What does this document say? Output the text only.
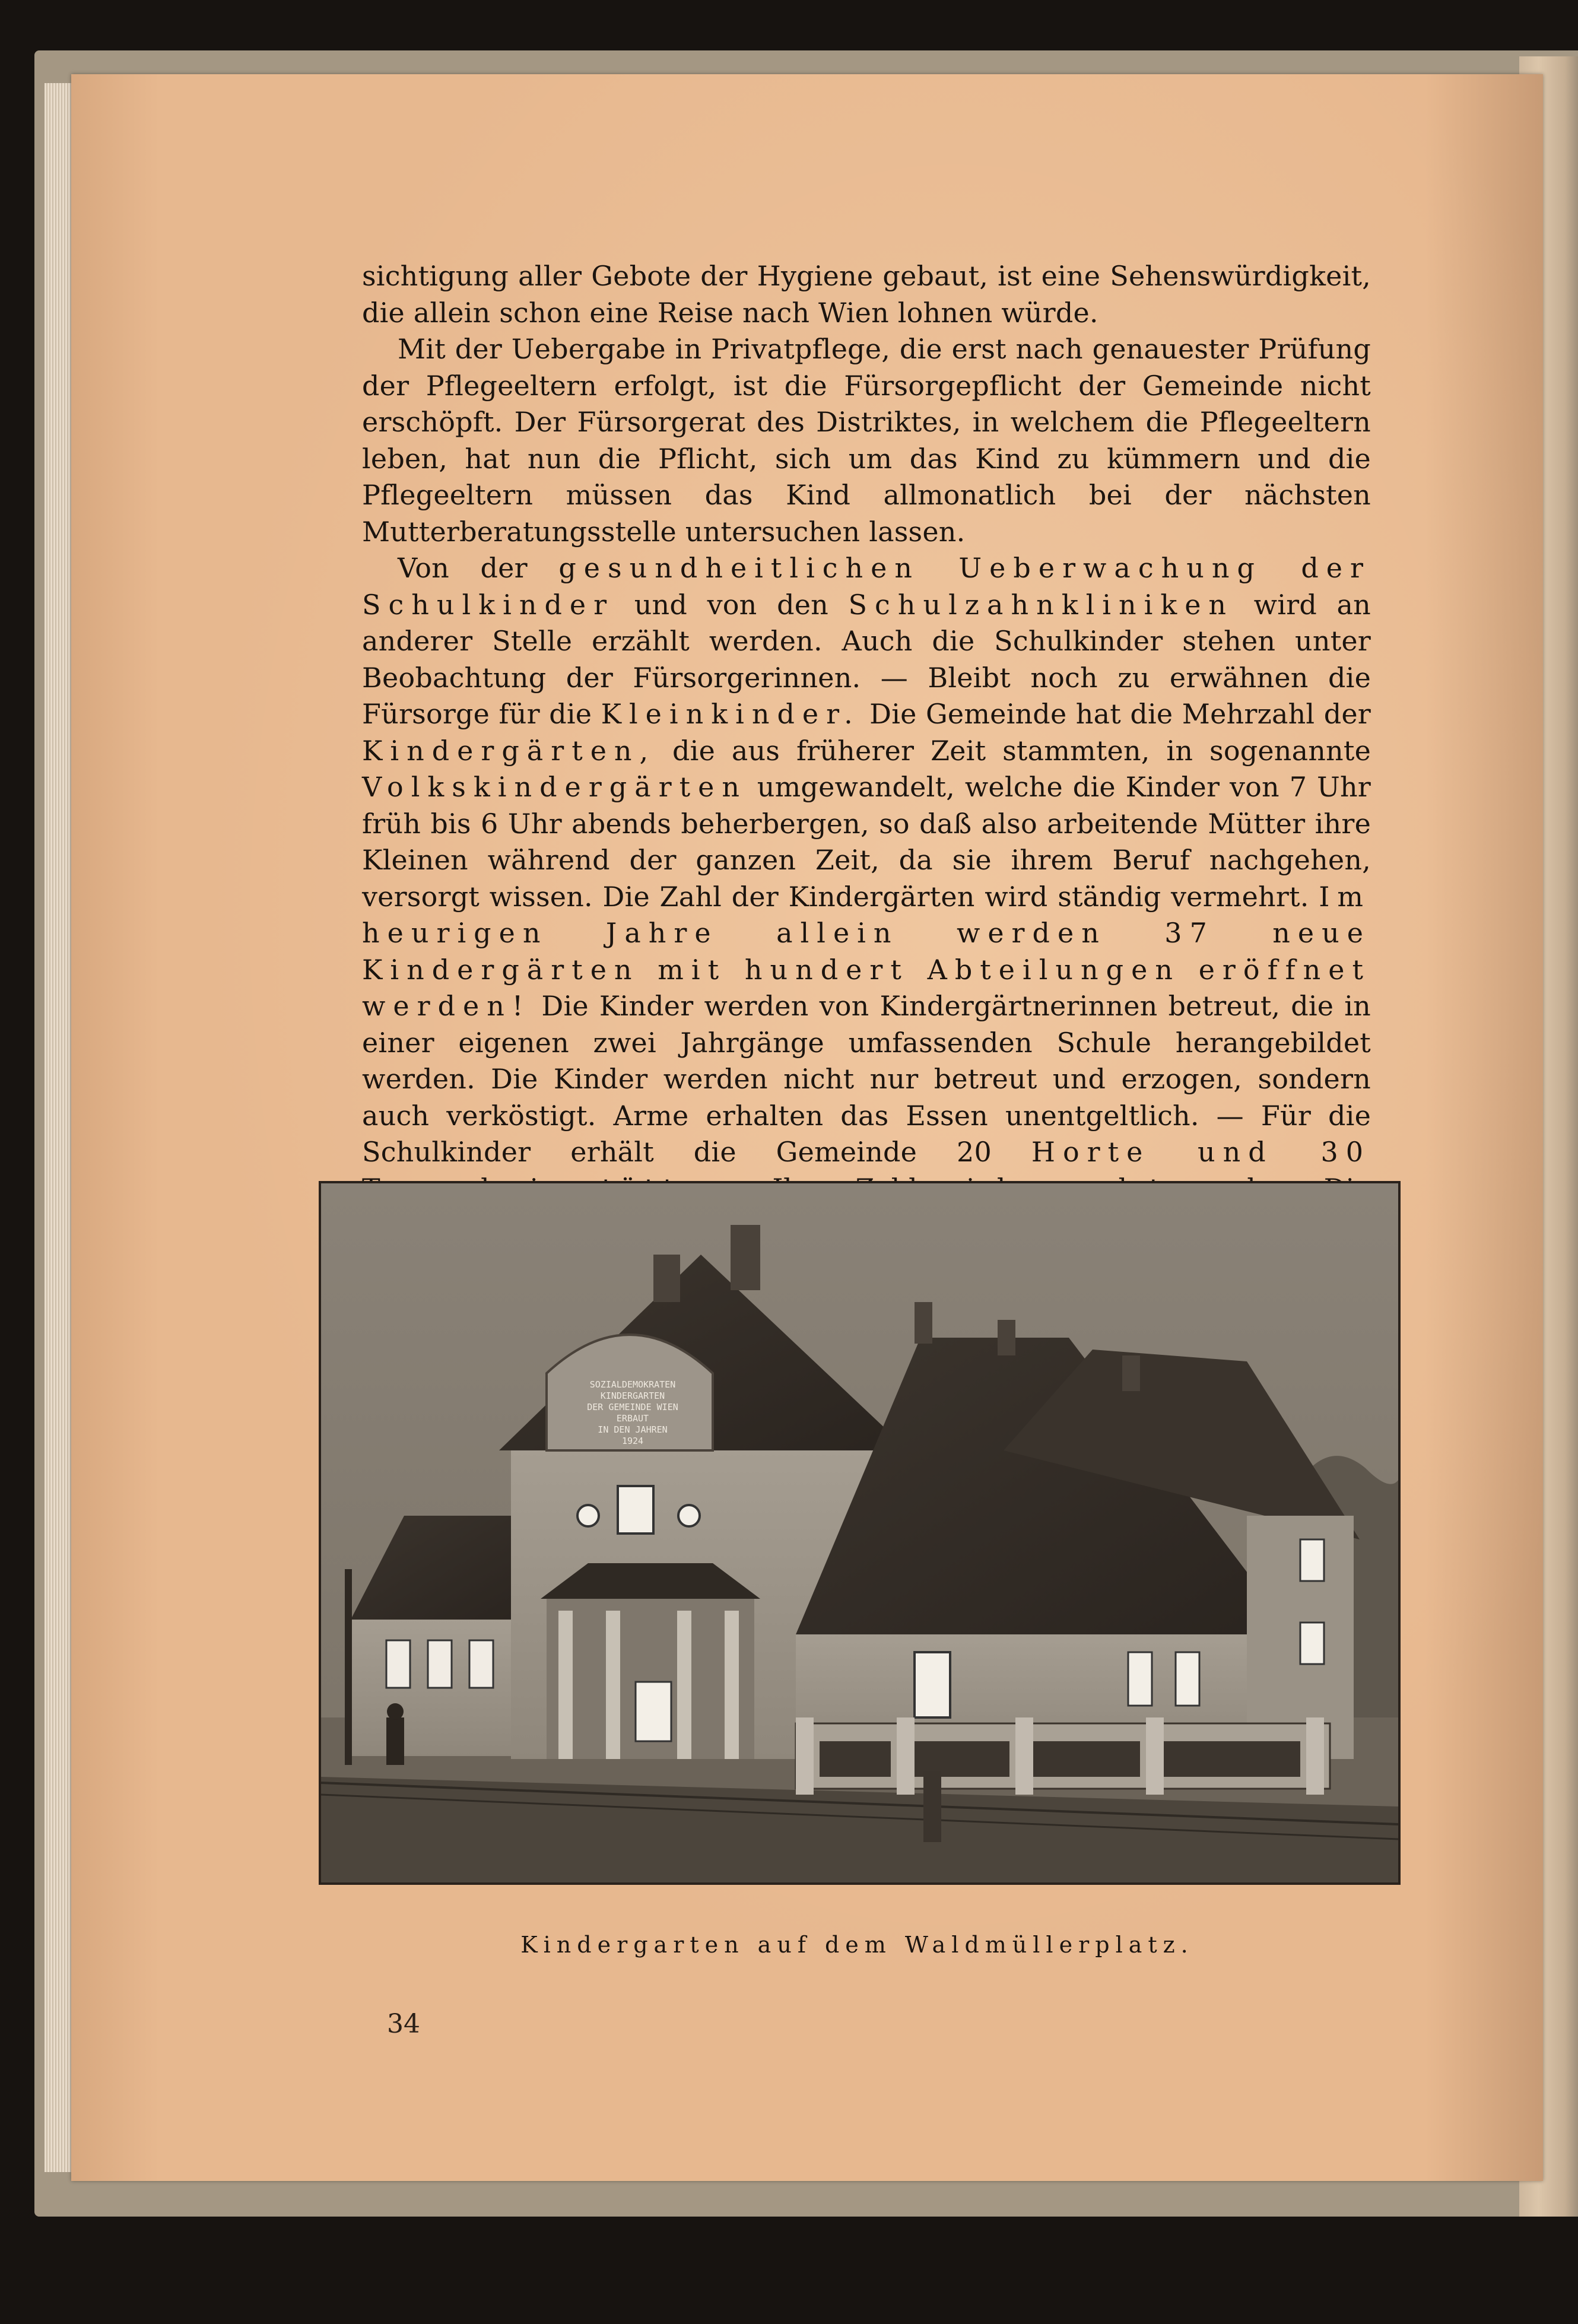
sichtigung aller Gebote der Hygiene gebaut, ist eine Sehenswürdigkeit, die allein schon eine Reise nach Wien lohnen würde.

Mit der Uebergabe in Privatpflege, die erst nach genauester Prüfung der Pflegeeltern erfolgt, ist die Fürsorgepflicht der Gemeinde nicht erschöpft. Der Fürsorgerat des Distriktes, in welchem die Pflegeeltern leben, hat nun die Pflicht, sich um das Kind zu kümmern und die Pflegeeltern müssen das Kind allmonatlich bei der nächsten Mutterberatungsstelle untersuchen lassen.

Von der gesundheitlichen Ueberwachung der Schulkinder und von den Schulzahnkliniken wird an anderer Stelle erzählt werden. Auch die Schulkinder stehen unter Beobachtung der Fürsorgerinnen. — Bleibt noch zu erwähnen die Fürsorge für die Kleinkinder. Die Gemeinde hat die Mehrzahl der Kindergärten, die aus früherer Zeit stammten, in sogenannte Volkskindergärten umgewandelt, welche die Kinder von 7 Uhr früh bis 6 Uhr abends beherbergen, so daß also arbeitende Mütter ihre Kleinen während der ganzen Zeit, da sie ihrem Beruf nachgehen, versorgt wissen. Die Zahl der Kindergärten wird ständig vermehrt. Im heurigen Jahre allein werden 37 neue Kindergärten mit hundert Abteilungen eröffnet werden! Die Kinder werden von Kindergärtnerinnen betreut, die in einer eigenen zwei Jahrgänge umfassenden Schule herangebildet werden. Die Kinder werden nicht nur betreut und erzogen, sondern auch verköstigt. Arme erhalten das Essen unentgeltlich. — Für die Schulkinder erhält die Gemeinde 20 Horte und 30

SOZIALDEMOKRATEN
KINDERGARTEN
DER GEMEINDE WIEN
ERBAUT
IN DEN JAHREN
1924
Kindergarten auf dem Waldmüllerplatz.
34
